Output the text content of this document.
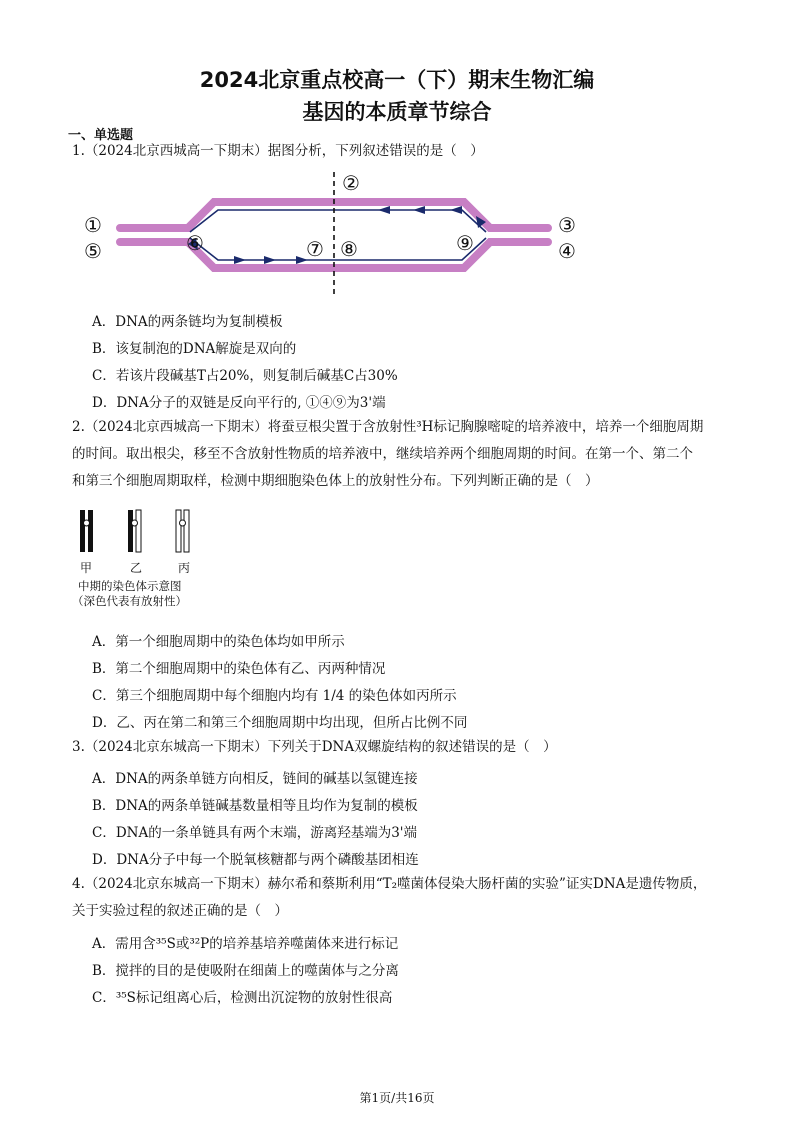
2024北京重点校高一（下）期末生物汇编
基因的本质章节综合
一、单选题
1.（2024北京西城高一下期末）据图分析，下列叙述错误的是（　）
①
②
③
④
⑤	⑥	⑦ ⑧	⑨
A．DNA的两条链均为复制模板
B．该复制泡的DNA解旋是双向的
C．若该片段碱基T占20%，则复制后碱基C占30%
D．DNA分子的双链是反向平行的, ①④⑨为3'端
2.（2024北京西城高一下期末）将蚕豆根尖置于含放射性³H标记胸腺嘧啶的培养液中，培养一个细胞周期
的时间。取出根尖，移至不含放射性物质的培养液中，继续培养两个细胞周期的时间。在第一个、第二个
和第三个细胞周期取样，检测中期细胞染色体上的放射性分布。下列判断正确的是（　）
甲	乙	丙
中期的染色体示意图
（深色代表有放射性）
A．第一个细胞周期中的染色体均如甲所示
B．第二个细胞周期中的染色体有乙、丙两种情况
C．第三个细胞周期中每个细胞内均有 1/4 的染色体如丙所示
D．乙、丙在第二和第三个细胞周期中均出现，但所占比例不同
3.（2024北京东城高一下期末）下列关于DNA双螺旋结构的叙述错误的是（　）
A．DNA的两条单链方向相反，链间的碱基以氢键连接
B．DNA的两条单链碱基数量相等且均作为复制的模板
C．DNA的一条单链具有两个末端，游离羟基端为3'端
D．DNA分子中每一个脱氧核糖都与两个磷酸基团相连
4.（2024北京东城高一下期末）赫尔希和蔡斯利用“T₂噬菌体侵染大肠杆菌的实验”证实DNA是遗传物质，
关于实验过程的叙述正确的是（　）
A．需用含³⁵S或³²P的培养基培养噬菌体来进行标记
B．搅拌的目的是使吸附在细菌上的噬菌体与之分离
C．³⁵S标记组离心后，检测出沉淀物的放射性很高
第1页/共16页
